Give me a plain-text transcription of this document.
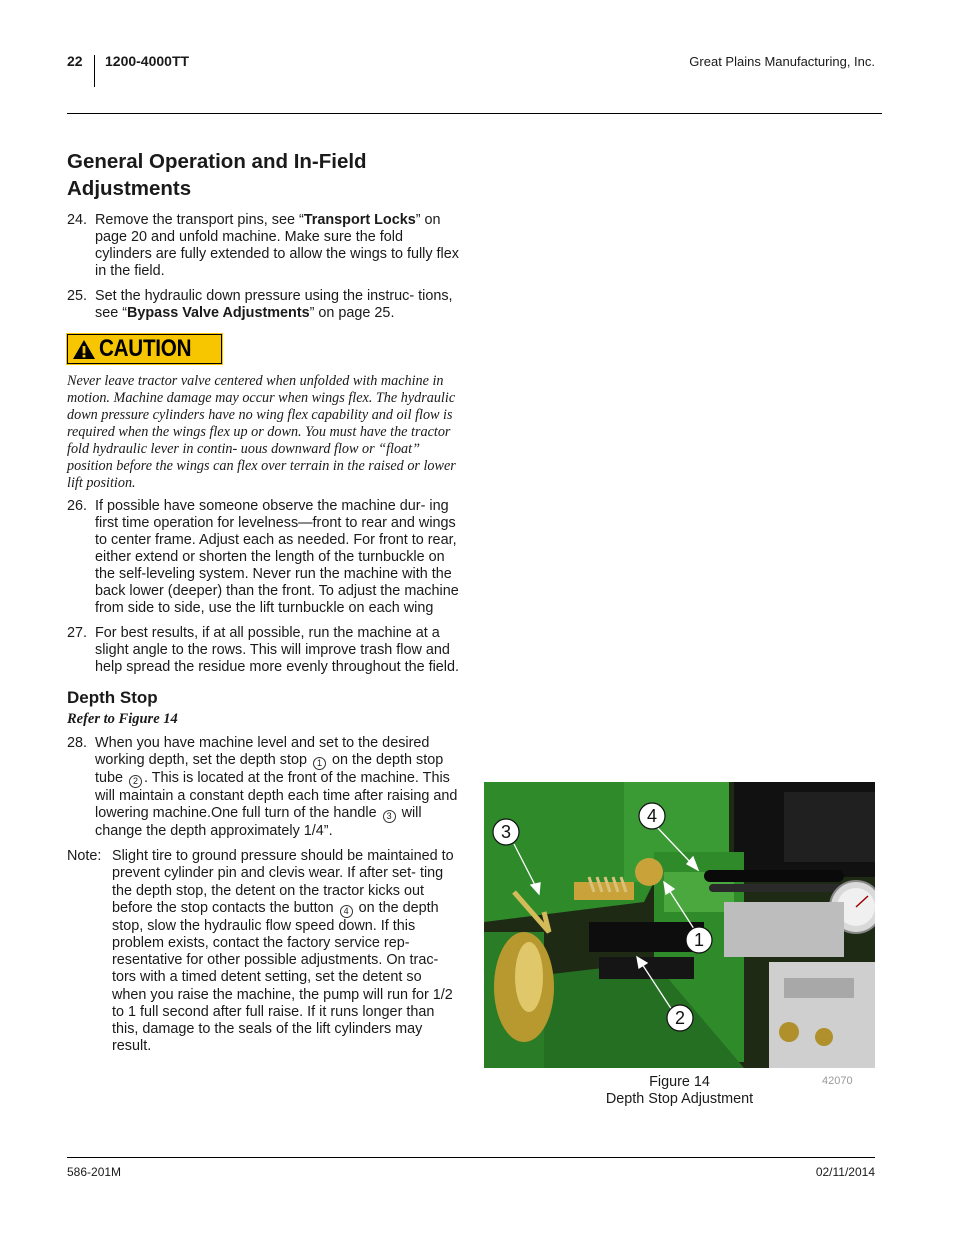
22 1200-4000TT	Great Plains Manufacturing, Inc.
General Operation and In-Field Adjustments
24. Remove the transport pins, see “Transport Locks” on page 20 and unfold machine. Make sure the fold cylinders are fully extended to allow the wings to fully flex in the field.
25. Set the hydraulic down pressure using the instruc- tions, see “Bypass Valve Adjustments” on page 25.
CAUTION
Never leave tractor valve centered when unfolded with machine in motion. Machine damage may occur when wings flex. The hydraulic down pressure cylinders have no wing flex capability and oil flow is required when the wings flex up or down. You must have the tractor fold hydraulic lever in contin- uous downward flow or “float” position before the wings can flex over terrain in the raised or lower lift position.
26. If possible have someone observe the machine dur- ing first time operation for levelness—front to rear and wings to center frame. Adjust each as needed. For front to rear, either extend or shorten the length of the turnbuckle on the self-leveling system. Never run the machine with the back lower (deeper) than the front. To adjust the machine from side to side, use the lift turnbuckle on each wing
27. For best results, if at all possible, run the machine at a slight angle to the rows. This will improve trash flow and help spread the residue more evenly throughout the field.
Depth Stop
Refer to Figure 14
28. When you have machine level and set to the desired working depth, set the depth stop 1 on the depth stop tube 2 . This is located at the front of the machine. This will maintain a constant depth each time after raising and lowering machine.One full turn of the handle 3 will change the depth approximately 1/4”.
Note: Slight tire to ground pressure should be maintained to prevent cylinder pin and clevis wear. If after set- ting the depth stop, the detent on the tractor kicks out before the stop contacts the button 4 on the depth stop, slow the hydraulic flow speed down. If this problem exists, contact the factory service rep- resentative for other possible adjustments. On trac- tors with a timed detent setting, set the detent so when you raise the machine, the pump will run for 1/2 to 1 full second after full raise. If it runs longer than this, damage to the seals of the lift cylinders may result.
3
4
1
2
Figure 14
Depth Stop Adjustment
42070
586-201M	02/11/2014
